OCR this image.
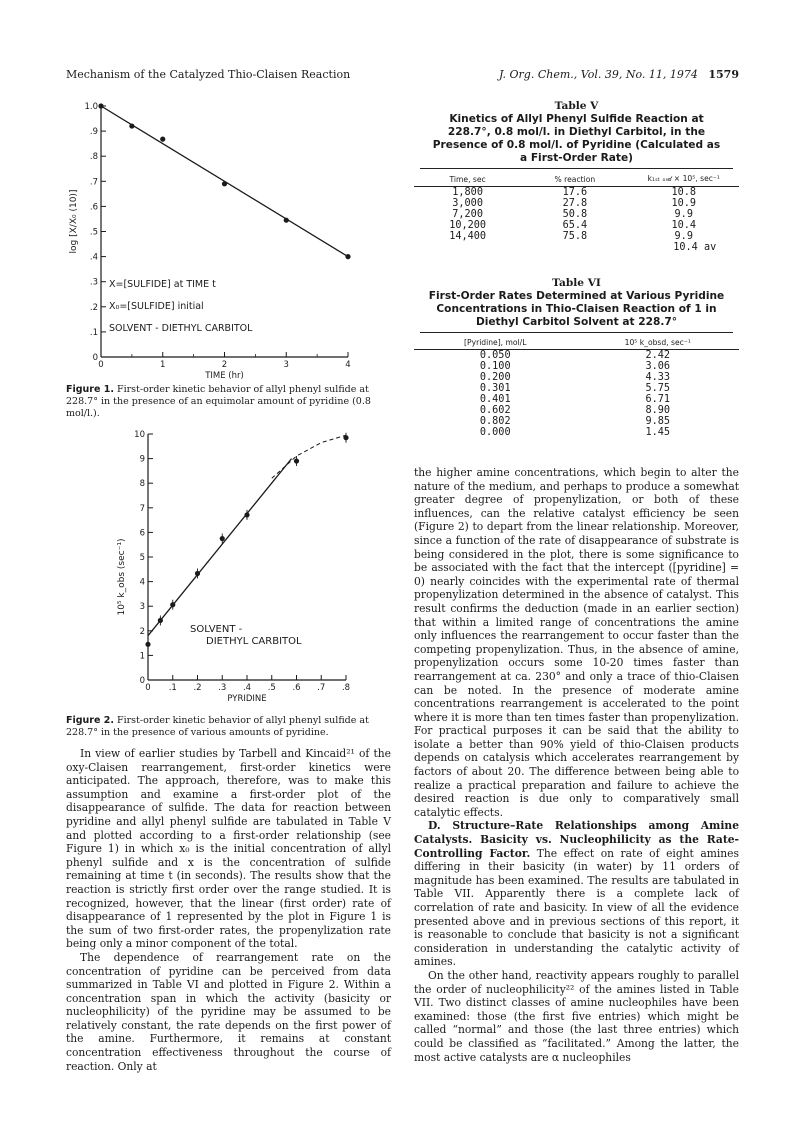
Mechanism of the Catalyzed Thio-Claisen Reaction	J. Org. Chem., Vol. 39, No. 11, 1974 1579
0
.1
.2
.3
.4
.5
.6
.7
.8
.9
1.0
0	1	2	3	4
log [X/X₀ (10)]
TIME (hr)
X=[SULFIDE] at TIME t
X₀=[SULFIDE] initial
SOLVENT - DIETHYL CARBITOL
Figure 1. First-order kinetic behavior of allyl phenyl sulfide at 228.7° in the presence of an equimolar amount of pyridine (0.8 mol/l.).
0
1
2
3
4
5
6
7
8
9
10
0 .1 .2 .3 .4 .5 .6 .7 .8
10⁵ k_obs (sec⁻¹)
PYRIDINE
SOLVENT -
DIETHYL CARBITOL
Figure 2. First-order kinetic behavior of allyl phenyl sulfide at 228.7° in the presence of various amounts of pyridine.

In view of earlier studies by Tarbell and Kincaid²¹ of the oxy-Claisen rearrangement, first-order kinetics were anticipated. The approach, therefore, was to make this assumption and examine a first-order plot of the disappearance of sulfide. The data for reaction between pyridine and allyl phenyl sulfide are tabulated in Table V and plotted according to a first-order relationship (see Figure 1) in which x₀ is the initial concentration of allyl phenyl sulfide and x is the concentration of sulfide remaining at time t (in seconds). The results show that the reaction is strictly first order over the range studied. It is recognized, however, that the linear (first order) rate of disappearance of 1 represented by the plot in Figure 1 is the sum of two first-order rates, the propenylization rate being only a minor component of the total.

The dependence of rearrangement rate on the concentration of pyridine can be perceived from data summarized in Table VI and plotted in Figure 2. Within a concentration span in which the activity (basicity or nucleophilicity) of the pyridine may be assumed to be relatively constant, the rate depends on the first power of the amine. Furthermore, it remains at constant concentration effectiveness throughout the course of reaction. Only at

Table V
Kinetics of Allyl Phenyl Sulfide Reaction at 228.7°, 0.8 mol/l. in Diethyl Carbitol, in the Presence of 0.8 mol/l. of Pyridine (Calculated as a First-Order Rate)
Time, sec	% reaction	k₁ₛₜ ₒᵣ𝒹 × 10⁵, sec⁻¹
1,800	17.6	10.8
3,000	27.8	10.9
7,200	50.8	9.9
10,200	65.4	10.4
14,400	75.8	9.9
		10.4 av
Table VI
First-Order Rates Determined at Various Pyridine Concentrations in Thio-Claisen Reaction of 1 in Diethyl Carbitol Solvent at 228.7°
[Pyridine], mol/L	10⁵ k_obsd, sec⁻¹
0.050	2.42
0.100	3.06
0.200	4.33
0.301	5.75
0.401	6.71
0.602	8.90
0.802	9.85
0.000	1.45

the higher amine concentrations, which begin to alter the nature of the medium, and perhaps to produce a somewhat greater degree of propenylization, or both of these influences, can the relative catalyst efficiency be seen (Figure 2) to depart from the linear relationship. Moreover, since a function of the rate of disappearance of substrate is being considered in the plot, there is some significance to be associated with the fact that the intercept ([pyridine] = 0) nearly coincides with the experimental rate of thermal propenylization determined in the absence of catalyst. This result confirms the deduction (made in an earlier section) that within a limited range of concentrations the amine only influences the rearrangement to occur faster than the competing propenylization. Thus, in the absence of amine, propenylization occurs some 10-20 times faster than rearrangement at ca. 230° and only a trace of thio-Claisen can be noted. In the presence of moderate amine concentrations rearrangement is accelerated to the point where it is more than ten times faster than propenylization. For practical purposes it can be said that the ability to isolate a better than 90% yield of thio-Claisen products depends on catalysis which accelerates rearrangement by factors of about 20. The difference between being able to realize a practical preparation and failure to achieve the desired reaction is due only to comparatively small catalytic effects.

D. Structure–Rate Relationships among Amine Catalysts. Basicity vs. Nucleophilicity as the Rate-Controlling Factor. The effect on rate of eight amines differing in their basicity (in water) by 11 orders of magnitude has been examined. The results are tabulated in Table VII. Apparently there is a complete lack of correlation of rate and basicity. In view of all the evidence presented above and in previous sections of this report, it is reasonable to conclude that basicity is not a significant consideration in understanding the catalytic activity of amines.

On the other hand, reactivity appears roughly to parallel the order of nucleophilicity²² of the amines listed in Table VII. Two distinct classes of amine nucleophiles have been examined: those (the first five entries) which might be called “normal” and those (the last three entries) which could be classified as “facilitated.” Among the latter, the most active catalysts are α nucleophiles
